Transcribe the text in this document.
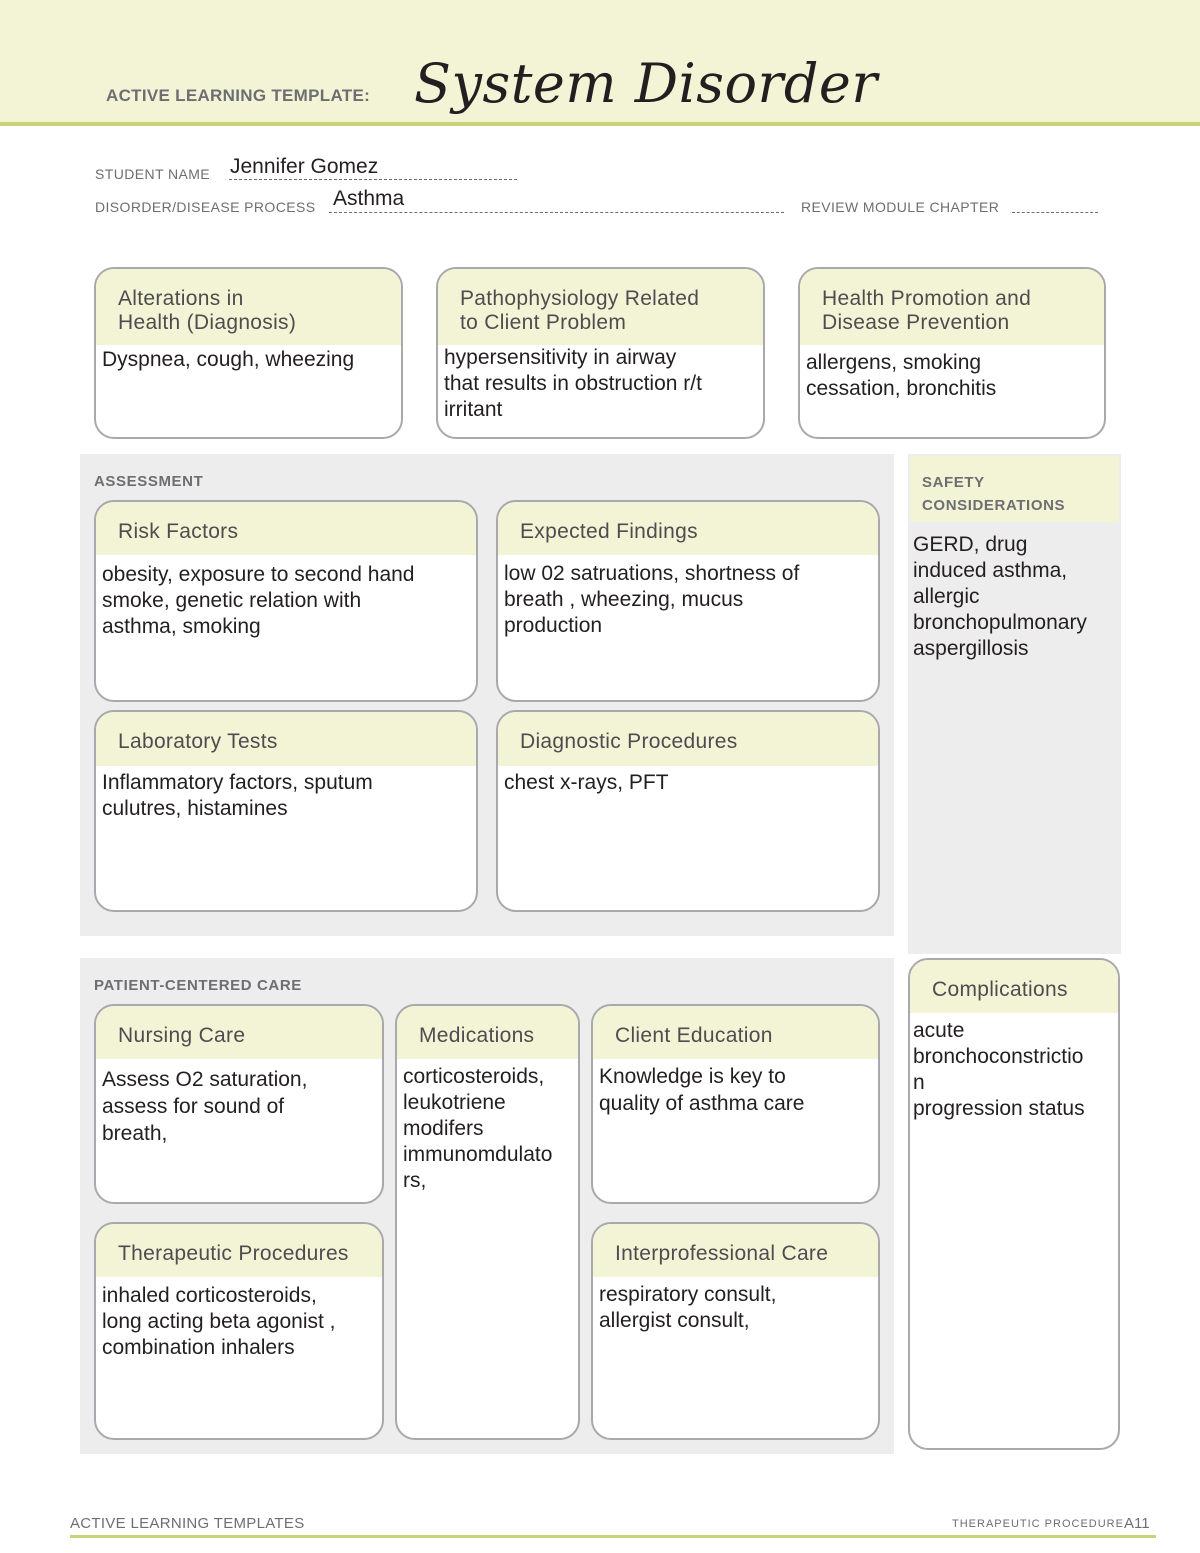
ACTIVE LEARNING TEMPLATE: System Disorder
STUDENT NAME Jennifer Gomez
DISORDER/DISEASE PROCESS Asthma	REVIEW MODULE CHAPTER
Alterations in
Health (Diagnosis)
Dyspnea, cough, wheezing
Pathophysiology Related
to Client Problem
hypersensitivity in airway
that results in obstruction r/t
irritant
Health Promotion and
Disease Prevention
allergens, smoking
cessation, bronchitis
ASSESSMENT
Risk Factors
obesity, exposure to second hand
smoke, genetic relation with
asthma, smoking
Expected Findings
low 02 satruations, shortness of
breath , wheezing, mucus
production
Laboratory Tests
Inflammatory factors, sputum
culutres, histamines
Diagnostic Procedures
chest x-rays, PFT
SAFETY
CONSIDERATIONS
GERD, drug
induced asthma,
allergic
bronchopulmonary
aspergillosis
PATIENT-CENTERED CARE
Nursing Care
Assess O2 saturation,
assess for sound of
breath,
Medications
corticosteroids,
leukotriene
modifers
immunomdulato
rs,
Client Education
Knowledge is key to
quality of asthma care
Therapeutic Procedures
inhaled corticosteroids,
long acting beta agonist ,
combination inhalers
Interprofessional Care
respiratory consult,
allergist consult,
Complications
acute
bronchoconstrictio
n
progression status
ACTIVE LEARNING TEMPLATES	THERAPEUTIC PROCEDURE A11
